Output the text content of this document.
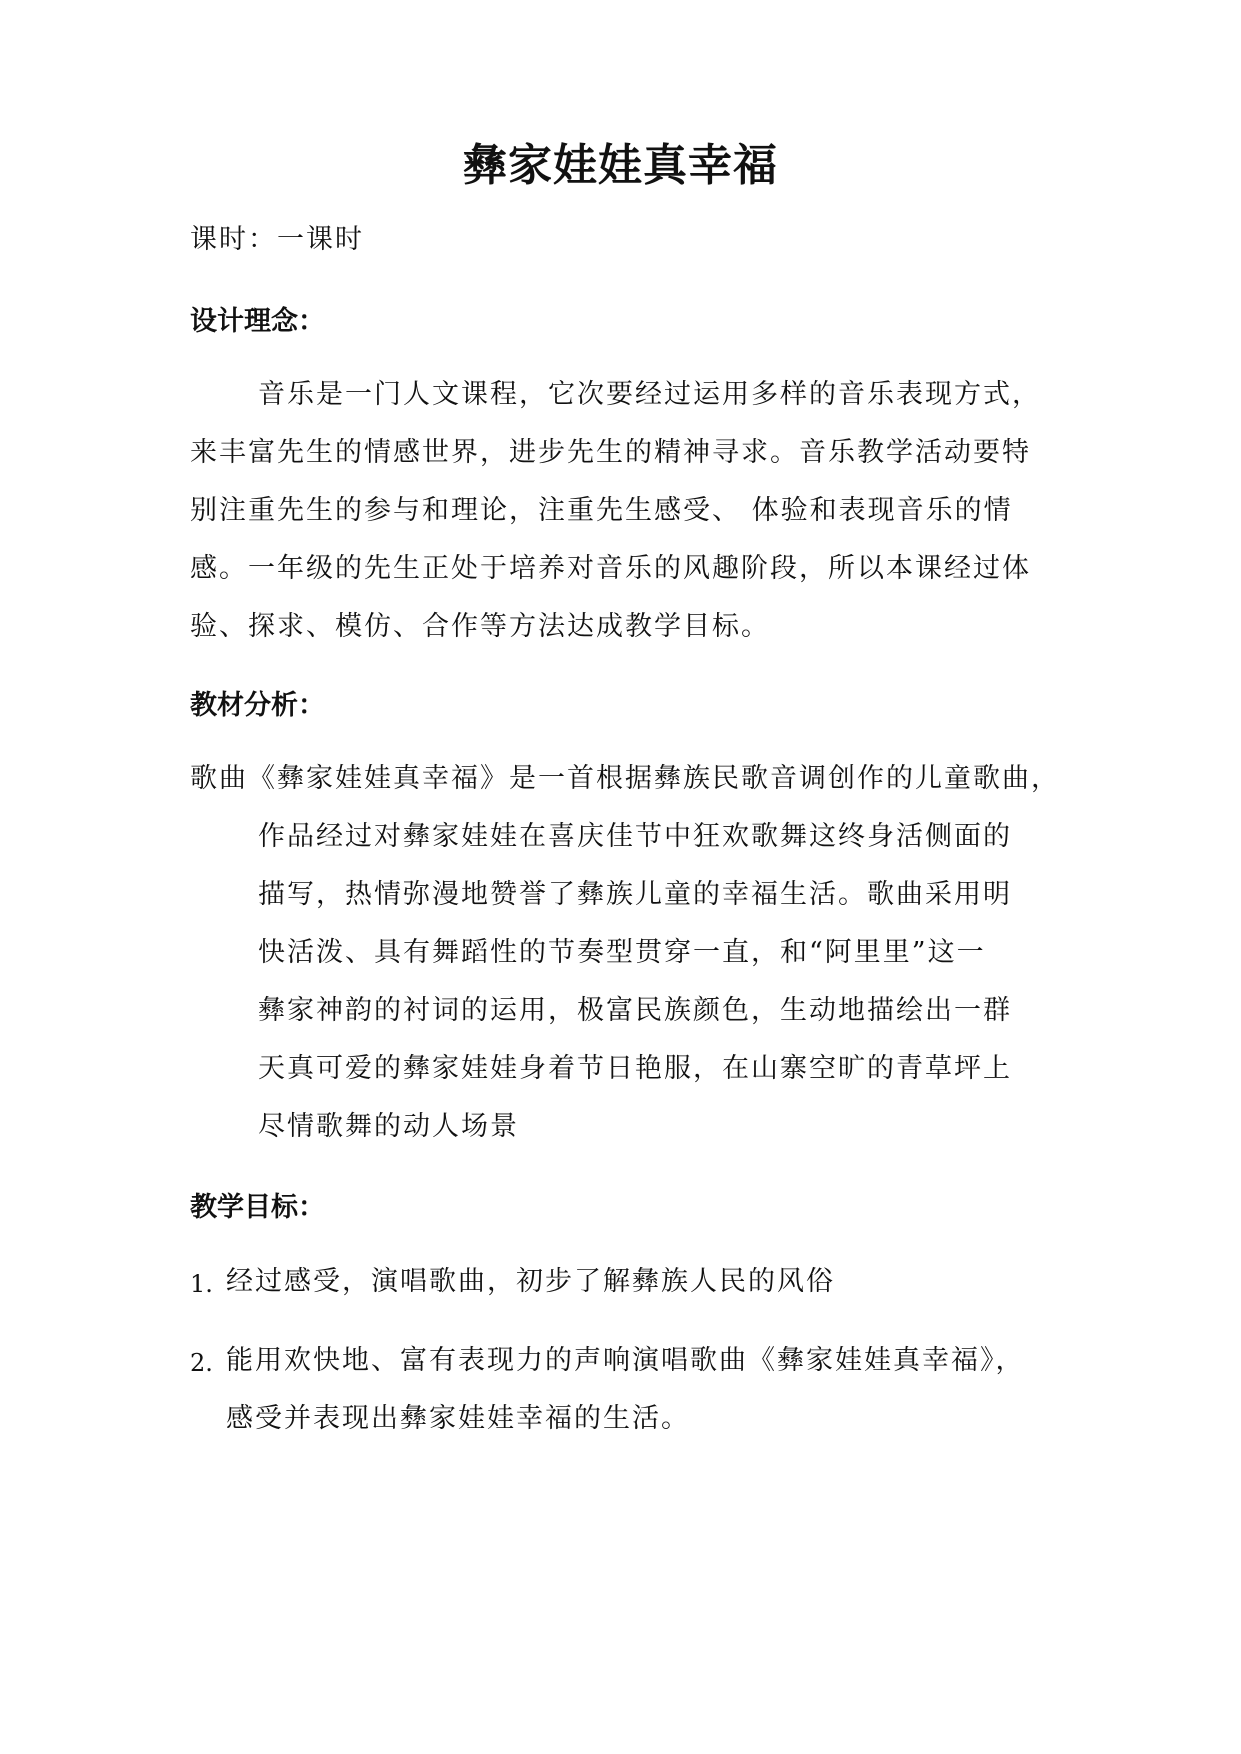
彝家娃娃真幸福
课时：一课时
设计理念：
音乐是一门人文课程，它次要经过运用多样的音乐表现方式，
来丰富先生的情感世界，进步先生的精神寻求。音乐教学活动要特
别注重先生的参与和理论，注重先生感受、 体验和表现音乐的情
感。一年级的先生正处于培养对音乐的风趣阶段，所以本课经过体
验、探求、模仿、合作等方法达成教学目标。
教材分析：
歌曲《彝家娃娃真幸福》是一首根据彝族民歌音调创作的儿童歌曲，
作品经过对彝家娃娃在喜庆佳节中狂欢歌舞这终身活侧面的
描写，热情弥漫地赞誉了彝族儿童的幸福生活。歌曲采用明
快活泼、具有舞蹈性的节奏型贯穿一直，和“阿里里”这一
彝家神韵的衬词的运用，极富民族颜色，生动地描绘出一群
天真可爱的彝家娃娃身着节日艳服，在山寨空旷的青草坪上
尽情歌舞的动人场景
教学目标：
1. 经过感受，演唱歌曲，初步了解彝族人民的风俗
2. 能用欢快地、富有表现力的声响演唱歌曲《彝家娃娃真幸福》，
感受并表现出彝家娃娃幸福的生活。
